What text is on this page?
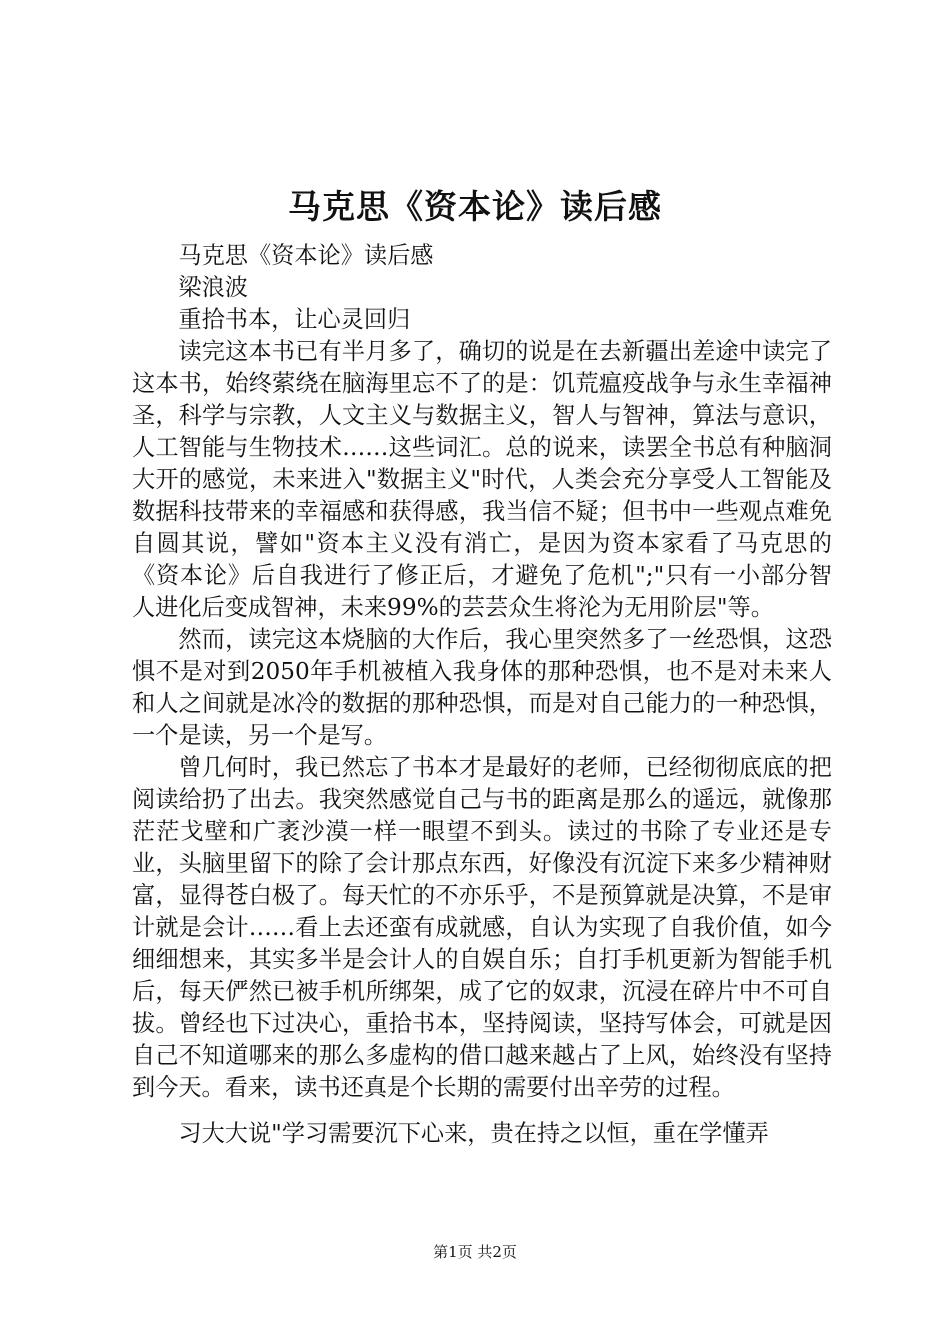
马克思《资本论》读后感

马克思《资本论》读后感

梁浪波

重拾书本，让心灵回归

读完这本书已有半月多了，确切的说是在去新疆出差途中读完了这本书，始终萦绕在脑海里忘不了的是：饥荒瘟疫战争与永生幸福神圣，科学与宗教，人文主义与数据主义，智人与智神，算法与意识，人工智能与生物技术……这些词汇。总的说来，读罢全书总有种脑洞大开的感觉，未来进入"数据主义"时代，人类会充分享受人工智能及数据科技带来的幸福感和获得感，我当信不疑；但书中一些观点难免自圆其说，譬如"资本主义没有消亡，是因为资本家看了马克思的《资本论》后自我进行了修正后，才避免了危机";"只有一小部分智人进化后变成智神，未来99%的芸芸众生将沦为无用阶层"等。

然而，读完这本烧脑的大作后，我心里突然多了一丝恐惧，这恐惧不是对到2050年手机被植入我身体的那种恐惧，也不是对未来人和人之间就是冰冷的数据的那种恐惧，而是对自己能力的一种恐惧，一个是读，另一个是写。

曾几何时，我已然忘了书本才是最好的老师，已经彻彻底底的把阅读给扔了出去。我突然感觉自己与书的距离是那么的遥远，就像那茫茫戈壁和广袤沙漠一样一眼望不到头。读过的书除了专业还是专业，头脑里留下的除了会计那点东西，好像没有沉淀下来多少精神财富，显得苍白极了。每天忙的不亦乐乎，不是预算就是决算，不是审计就是会计……看上去还蛮有成就感，自认为实现了自我价值，如今细细想来，其实多半是会计人的自娱自乐；自打手机更新为智能手机后，每天俨然已被手机所绑架，成了它的奴隶，沉浸在碎片中不可自拔。曾经也下过决心，重拾书本，坚持阅读，坚持写体会，可就是因自己不知道哪来的那么多虚构的借口越来越占了上风，始终没有坚持到今天。看来，读书还真是个长期的需要付出辛劳的过程。

习大大说"学习需要沉下心来，贵在持之以恒，重在学懂弄

第1页 共2页
